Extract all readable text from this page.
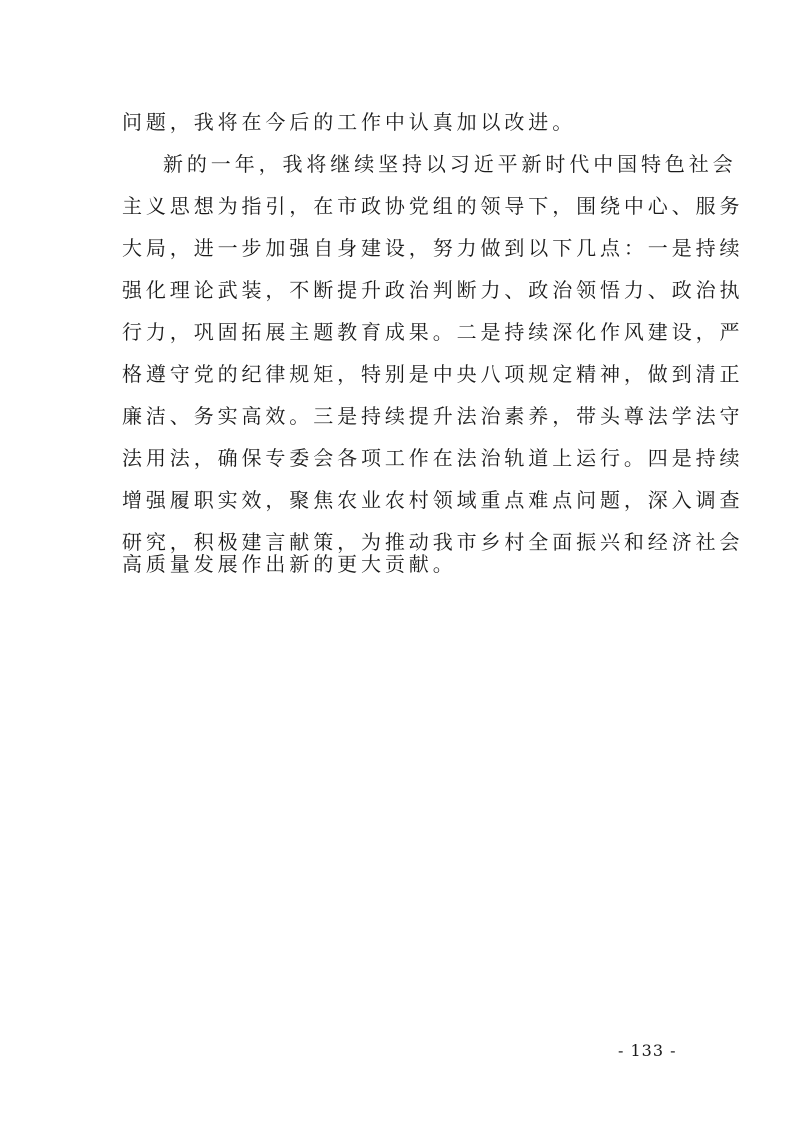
问题，我将在今后的工作中认真加以改进。
新的一年，我将继续坚持以习近平新时代中国特色社会
主义思想为指引，在市政协党组的领导下，围绕中心、服务
大局，进一步加强自身建设，努力做到以下几点：一是持续
强化理论武装，不断提升政治判断力、政治领悟力、政治执
行力，巩固拓展主题教育成果。二是持续深化作风建设，严
格遵守党的纪律规矩，特别是中央八项规定精神，做到清正
廉洁、务实高效。三是持续提升法治素养，带头尊法学法守
法用法，确保专委会各项工作在法治轨道上运行。四是持续
增强履职实效，聚焦农业农村领域重点难点问题，深入调查
研究，积极建言献策，为推动我市乡村全面振兴和经济社会
高质量发展作出新的更大贡献。
- 133 -
